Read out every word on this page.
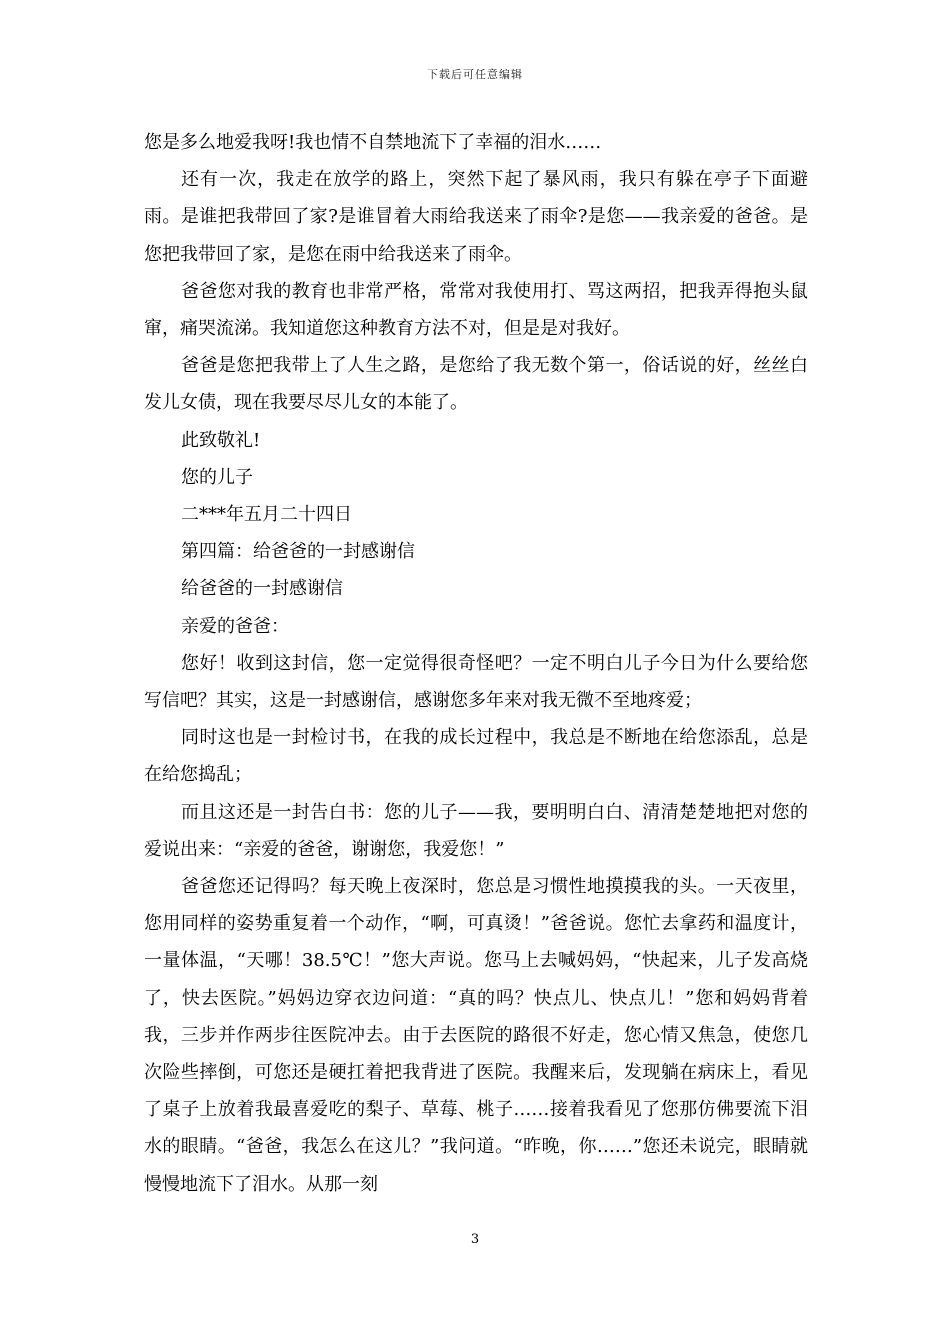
下载后可任意编辑

您是多么地爱我呀!我也情不自禁地流下了幸福的泪水……

还有一次，我走在放学的路上，突然下起了暴风雨，我只有躲在亭子下面避雨。是谁把我带回了家?是谁冒着大雨给我送来了雨伞?是您——我亲爱的爸爸。是您把我带回了家，是您在雨中给我送来了雨伞。

爸爸您对我的教育也非常严格，常常对我使用打、骂这两招，把我弄得抱头鼠窜，痛哭流涕。我知道您这种教育方法不对，但是是对我好。

爸爸是您把我带上了人生之路，是您给了我无数个第一，俗话说的好，丝丝白发儿女债，现在我要尽尽儿女的本能了。

此致敬礼!

您的儿子

二***年五月二十四日

第四篇：给爸爸的一封感谢信

给爸爸的一封感谢信

亲爱的爸爸：

您好！收到这封信，您一定觉得很奇怪吧？一定不明白儿子今日为什么要给您写信吧？其实，这是一封感谢信，感谢您多年来对我无微不至地疼爱；

同时这也是一封检讨书，在我的成长过程中，我总是不断地在给您添乱，总是在给您捣乱；

而且这还是一封告白书：您的儿子——我，要明明白白、清清楚楚地把对您的爱说出来：“亲爱的爸爸，谢谢您，我爱您！”

爸爸您还记得吗？每天晚上夜深时，您总是习惯性地摸摸我的头。一天夜里，您用同样的姿势重复着一个动作，“啊，可真烫！”爸爸说。您忙去拿药和温度计，一量体温，“天哪！38.5℃！”您大声说。您马上去喊妈妈，“快起来，儿子发高烧了，快去医院。”妈妈边穿衣边问道：“真的吗？快点儿、快点儿！”您和妈妈背着我，三步并作两步往医院冲去。由于去医院的路很不好走，您心情又焦急，使您几次险些摔倒，可您还是硬扛着把我背进了医院。我醒来后，发现躺在病床上，看见了桌子上放着我最喜爱吃的梨子、草莓、桃子……接着我看见了您那仿佛要流下泪水的眼睛。“爸爸，我怎么在这儿？”我问道。“昨晚，你……”您还未说完，眼睛就慢慢地流下了泪水。从那一刻

3
